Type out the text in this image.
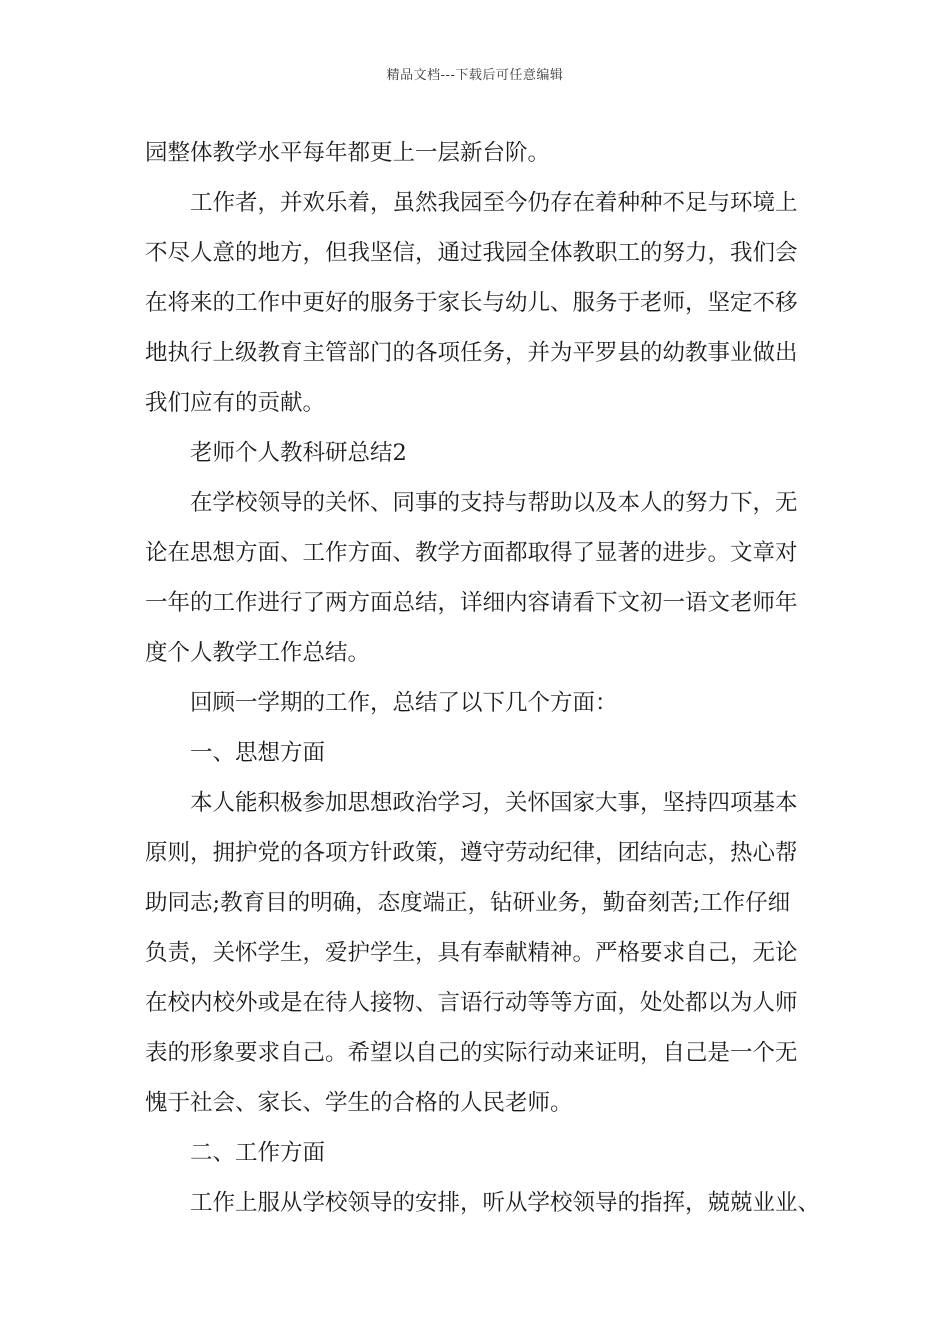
精品文档---下载后可任意编辑
园整体教学水平每年都更上一层新台阶。
工作者，并欢乐着，虽然我园至今仍存在着种种不足与环境上
不尽人意的地方，但我坚信，通过我园全体教职工的努力，我们会
在将来的工作中更好的服务于家长与幼儿、服务于老师，坚定不移
地执行上级教育主管部门的各项任务，并为平罗县的幼教事业做出
我们应有的贡献。
老师个人教科研总结2
在学校领导的关怀、同事的支持与帮助以及本人的努力下，无
论在思想方面、工作方面、教学方面都取得了显著的进步。文章对
一年的工作进行了两方面总结，详细内容请看下文初一语文老师年
度个人教学工作总结。
回顾一学期的工作，总结了以下几个方面：
一、思想方面
本人能积极参加思想政治学习，关怀国家大事，坚持四项基本
原则，拥护党的各项方针政策，遵守劳动纪律，团结向志，热心帮
助同志;教育目的明确，态度端正，钻研业务，勤奋刻苦;工作仔细
负责，关怀学生，爱护学生，具有奉献精神。严格要求自己，无论
在校内校外或是在待人接物、言语行动等等方面，处处都以为人师
表的形象要求自己。希望以自己的实际行动来证明，自己是一个无
愧于社会、家长、学生的合格的人民老师。
二、工作方面
工作上服从学校领导的安排，听从学校领导的指挥，兢兢业业、
